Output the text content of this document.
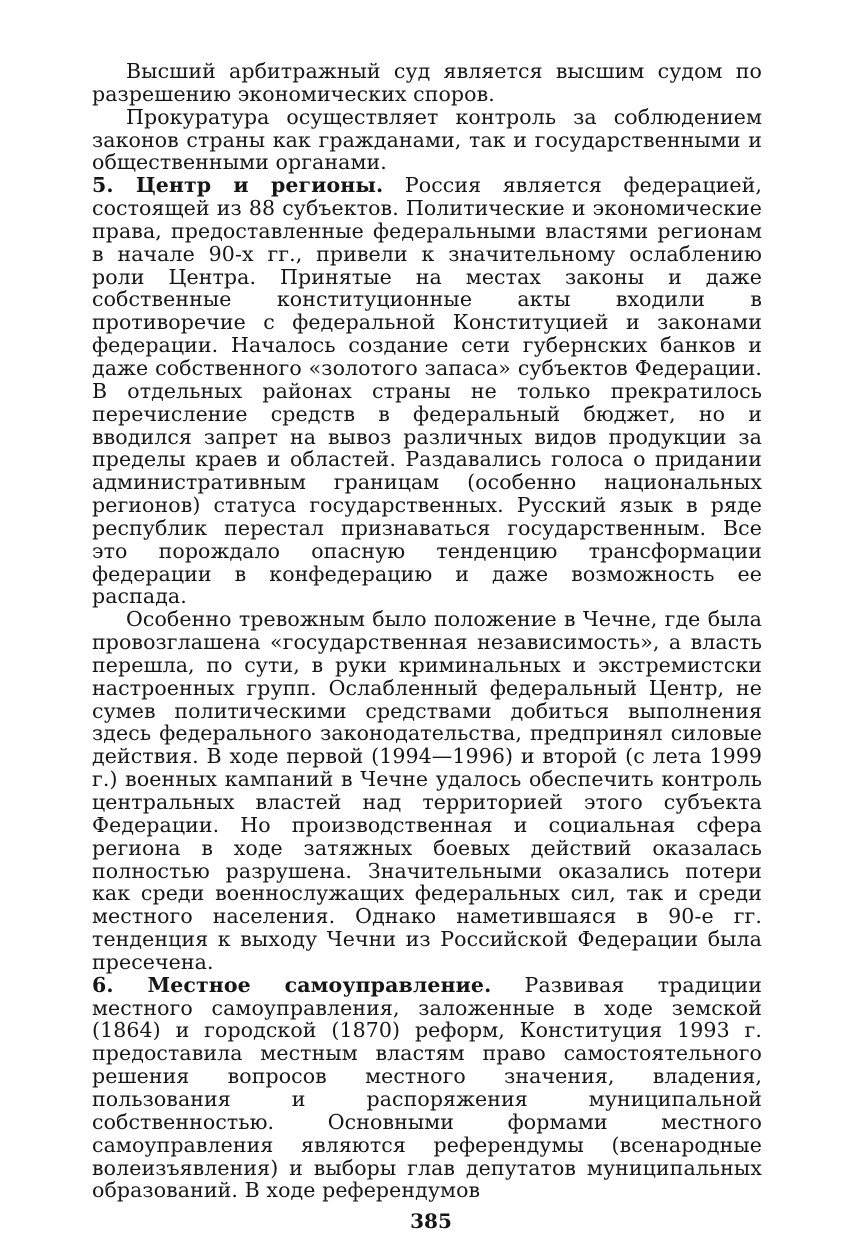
Высший арбитражный суд является высшим судом по разрешению экономических споров.

Прокуратура осуществляет контроль за соблюдением законов страны как гражданами, так и государственными и общественными органами.

5. Центр и регионы. Россия является федерацией, состоящей из 88 субъектов. Политические и экономические права, предоставленные федеральными властями регионам в начале 90-х гг., привели к значительному ослаблению роли Центра. Принятые на местах законы и даже собственные конституционные акты входили в противоречие с федеральной Конституцией и законами федерации. Началось создание сети губернских банков и даже собственного «золотого запаса» субъектов Федерации. В отдельных районах страны не только прекратилось перечисление средств в федеральный бюджет, но и вводился запрет на вывоз различных видов продукции за пределы краев и областей. Раздавались голоса о придании административным границам (особенно национальных регионов) статуса государственных. Русский язык в ряде республик перестал признаваться государственным. Все это порождало опасную тенденцию трансформации федерации в конфедерацию и даже возможность ее распада.

Особенно тревожным было положение в Чечне, где была провозглашена «государственная независимость», а власть перешла, по сути, в руки криминальных и экстремистски настроенных групп. Ослабленный федеральный Центр, не сумев политическими средствами добиться выполнения здесь федерального законодательства, предпринял силовые действия. В ходе первой (1994—1996) и второй (с лета 1999 г.) военных кампаний в Чечне удалось обеспечить контроль центральных властей над территорией этого субъекта Федерации. Но производственная и социальная сфера региона в ходе затяжных боевых действий оказалась полностью разрушена. Значительными оказались потери как среди военнослужащих федеральных сил, так и среди местного населения. Однако наметившаяся в 90-е гг. тенденция к выходу Чечни из Российской Федерации была пресечена.

6. Местное самоуправление. Развивая традиции местного самоуправления, заложенные в ходе земской (1864) и городской (1870) реформ, Конституция 1993 г. предоставила местным властям право самостоятельного решения вопросов местного значения, владения, пользования и распоряжения муниципальной собственностью. Основными формами местного самоуправления являются референдумы (всенародные волеизъявления) и выборы глав депутатов муниципальных образований. В ходе референдумов

385
